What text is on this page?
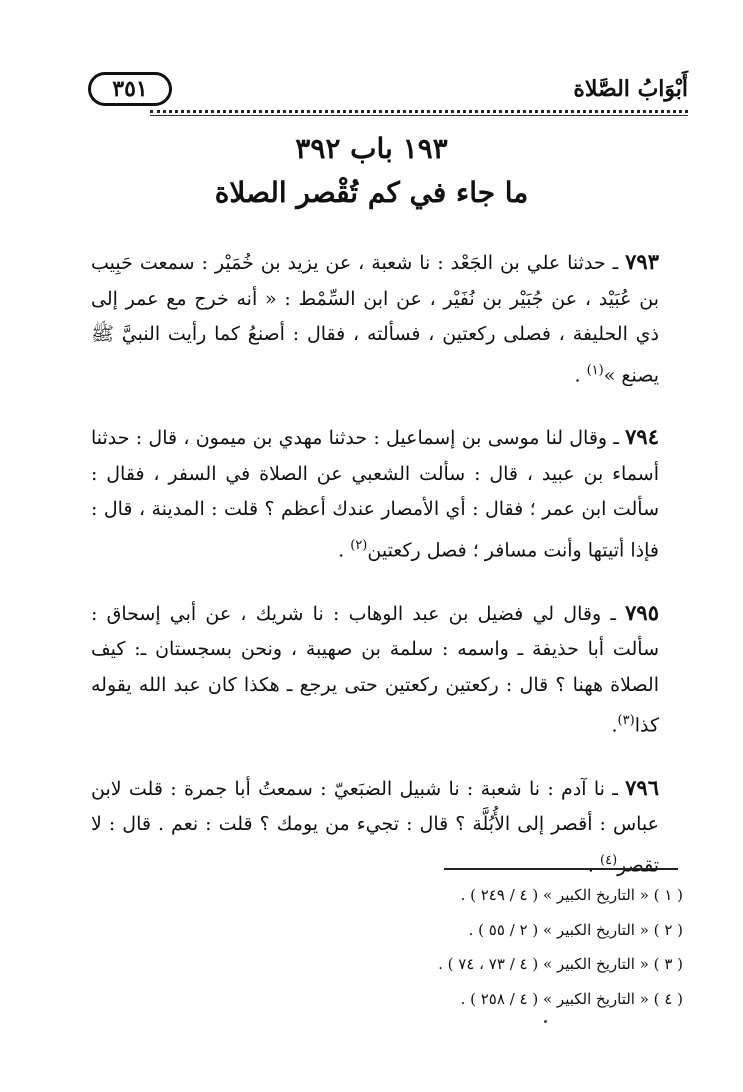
أَبْوَابُ الصَّلاة
٣٥١
١٩٣ باب ٣٩٢
ما جاء في كم تُقْصر الصلاة

٧٩٣ ـ حدثنا علي بن الجَعْد : نا شعبة ، عن يزيد بن خُمَيْر : سمعت حَبِيب بن عُبَيْد ، عن جُبَيْر بن نُفَيْر ، عن ابن السِّمْط : « أنه خرج مع عمر إلى ذي الحليفة ، فصلى ركعتين ، فسألته ، فقال : أصنعُ كما رأيت النبيَّ ﷺ يصنع »$^{(١)}$ .

٧٩٤ ـ وقال لنا موسى بن إسماعيل : حدثنا مهدي بن ميمون ، قال : حدثنا أسماء بن عبيد ، قال : سألت الشعبي عن الصلاة في السفر ، فقال : سألت ابن عمر ؛ فقال : أي الأمصار عندك أعظم ؟ قلت : المدينة ، قال : فإذا أتيتها وأنت مسافر ؛ فصل ركعتين$^{(٢)}$ .

٧٩٥ ـ وقال لي فضيل بن عبد الوهاب : نا شريك ، عن أبي إسحاق : سألت أبا حذيفة ـ واسمه : سلمة بن صهيبة ، ونحن بسجستان ـ: كيف الصلاة ههنا ؟ قال : ركعتين ركعتين حتى يرجع ـ هكذا كان عبد الله يقوله كذا$^{(٣)}$.

٧٩٦ ـ نا آدم : نا شعبة : نا شبيل الضبَعيّ : سمعتُ أبا جمرة : قلت لابن عباس : أقصر إلى الأُبُلَّة ؟ قال : تجيء من يومك ؟ قلت : نعم . قال : لا تقصر$^{(٤)}$ .

( ١ ) « التاريخ الكبير » ( ٤ / ٢٤٩ ) .
( ٢ ) « التاريخ الكبير » ( ٢ / ٥٥ ) .
( ٣ ) « التاريخ الكبير » ( ٤ / ٧٣ ، ٧٤ ) .
( ٤ ) « التاريخ الكبير » ( ٤ / ٢٥٨ ) .
